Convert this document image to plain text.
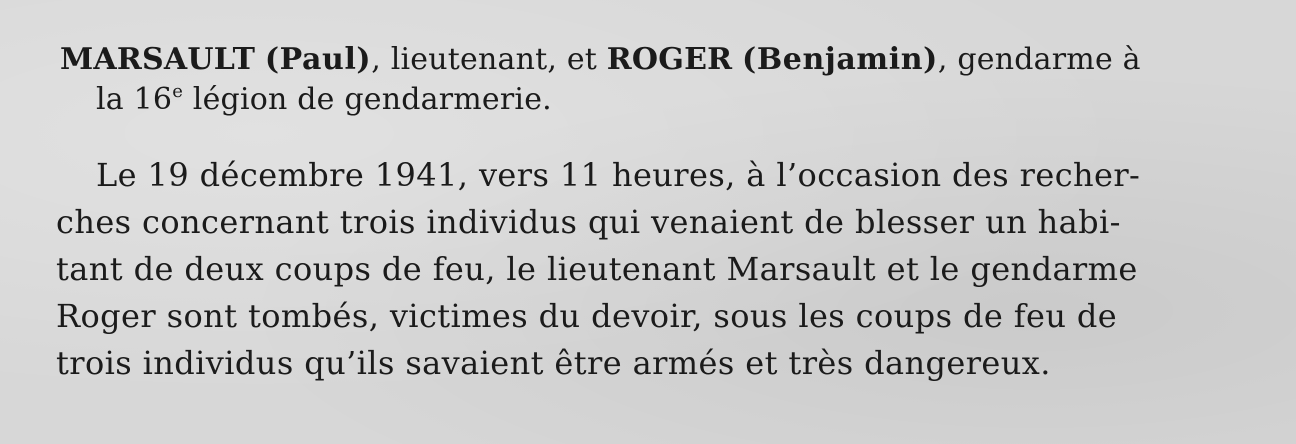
MARSAULT (Paul), lieutenant, et ROGER (Benjamin), gendarme à
la 16e légion de gendarmerie.
Le 19 décembre 1941, vers 11 heures, à l’occasion des recher-
ches concernant trois individus qui venaient de blesser un habi-
tant de deux coups de feu, le lieutenant Marsault et le gendarme
Roger sont tombés, victimes du devoir, sous les coups de feu de
trois individus qu’ils savaient être armés et très dangereux.
